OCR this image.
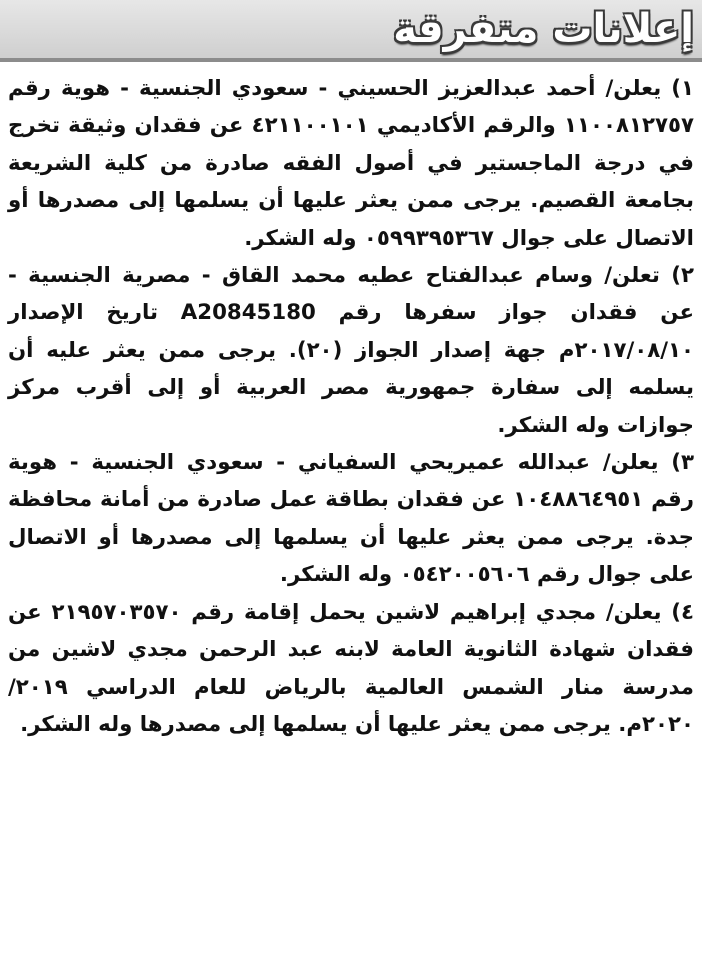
إعلانات متفرقة

١) يعلن/ أحمد عبدالعزيز الحسيني - سعودي الجنسية - هوية رقم ١١٠٠٨١٢٧٥٧ والرقم الأكاديمي ٤٢١١٠٠١٠١ عن فقدان وثيقة تخرج في درجة الماجستير في أصول الفقه صادرة من كلية الشريعة بجامعة القصيم. يرجى ممن يعثر عليها أن يسلمها إلى مصدرها أو الاتصال على جوال ٠٥٩٩٣٩٥٣٦٧ وله الشكر.

٢) تعلن/ وسام عبدالفتاح عطيه محمد القاق - مصرية الجنسية - عن فقدان جواز سفرها رقم A20845180 تاريخ الإصدار ٢٠١٧/٠٨/١٠م جهة إصدار الجواز (٢٠). يرجى ممن يعثر عليه أن يسلمه إلى سفارة جمهورية مصر العربية أو إلى أقرب مركز جوازات وله الشكر.

٣) يعلن/ عبدالله عميريحي السفياني - سعودي الجنسية - هوية رقم ١٠٤٨٨٦٤٩٥١ عن فقدان بطاقة عمل صادرة من أمانة محافظة جدة. يرجى ممن يعثر عليها أن يسلمها إلى مصدرها أو الاتصال على جوال رقم ٠٥٤٢٠٠٥٦٠٦ وله الشكر.

٤) يعلن/ مجدي إبراهيم لاشين يحمل إقامة رقم ٢١٩٥٧٠٣٥٧٠ عن فقدان شهادة الثانوية العامة لابنه عبد الرحمن مجدي لاشين من مدرسة منار الشمس العالمية بالرياض للعام الدراسي ٢٠١٩/ ٢٠٢٠م. يرجى ممن يعثر عليها أن يسلمها إلى مصدرها وله الشكر.
